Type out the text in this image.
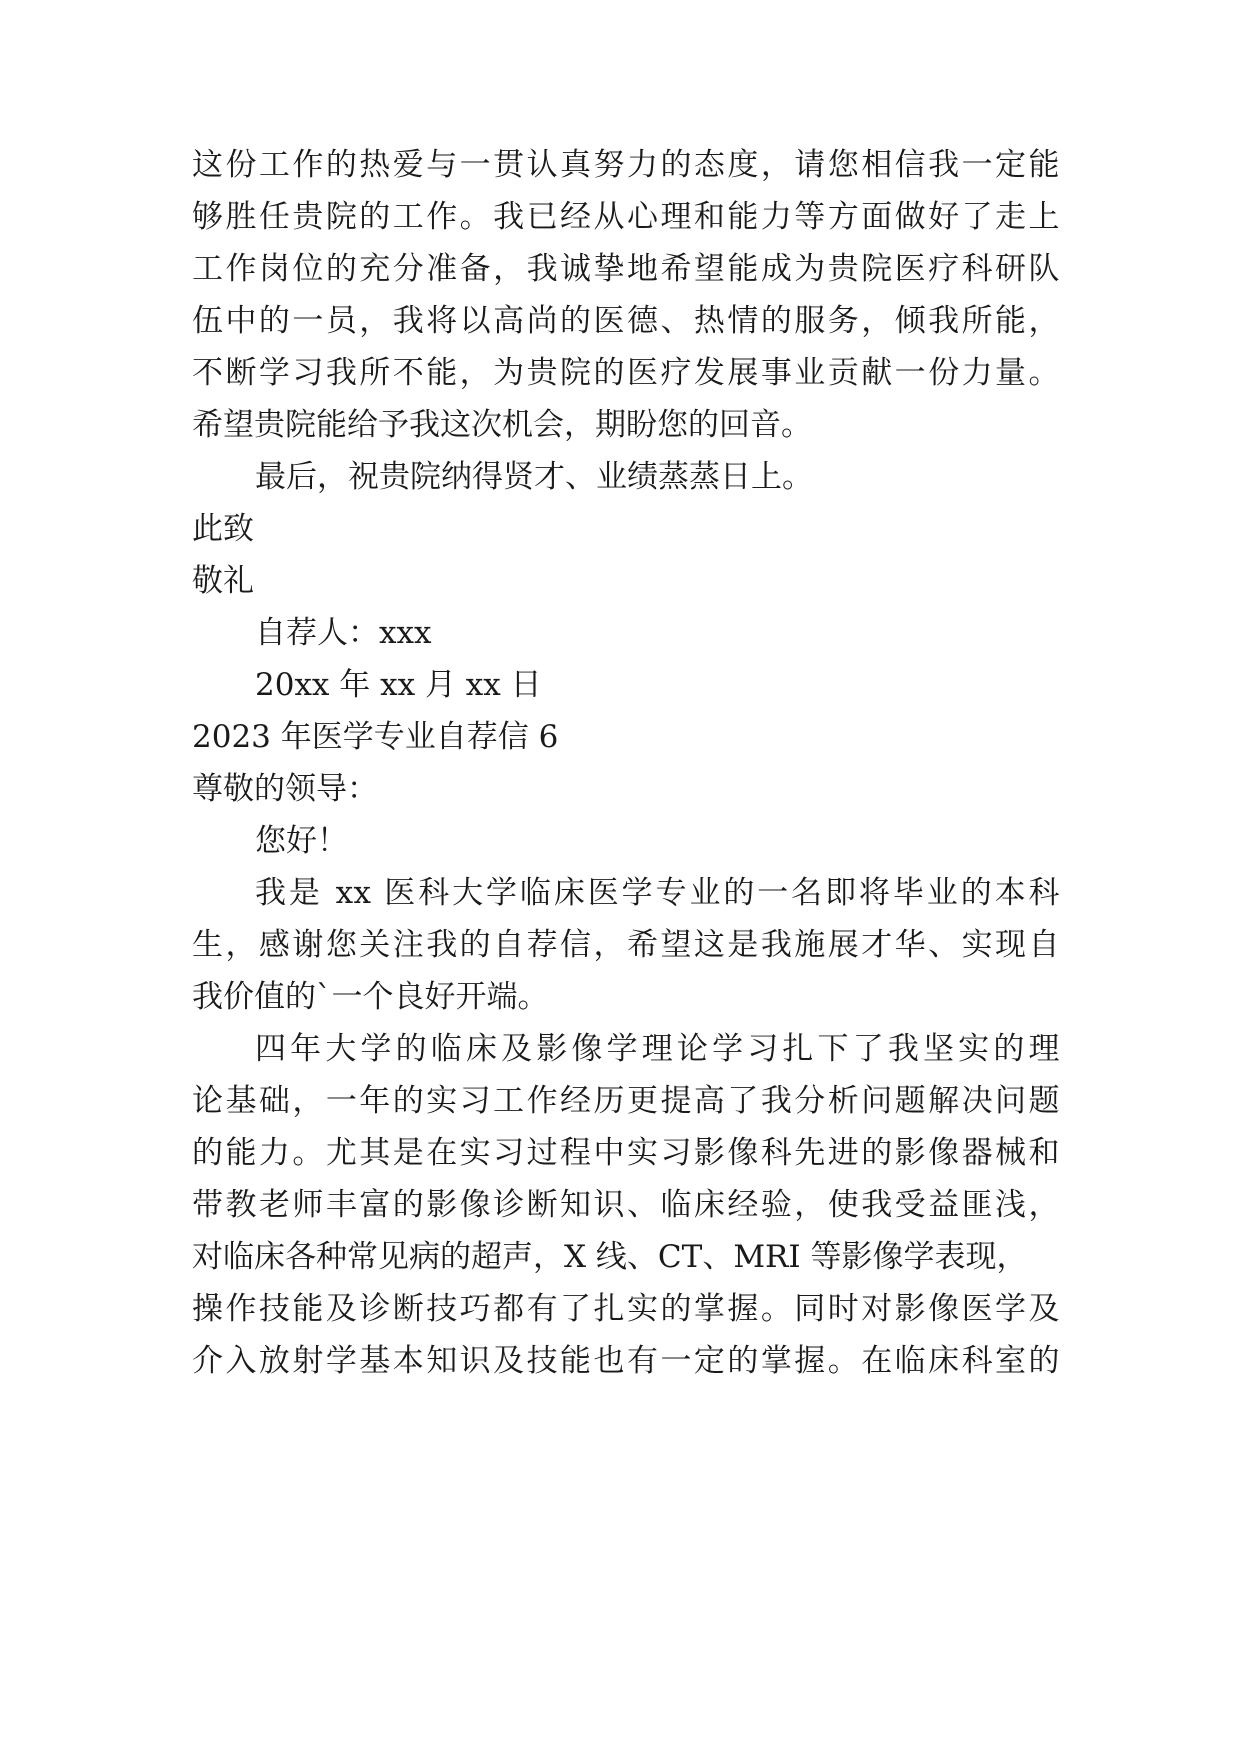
这份工作的热爱与一贯认真努力的态度，请您相信我一定能
够胜任贵院的工作。我已经从心理和能力等方面做好了走上
工作岗位的充分准备，我诚挚地希望能成为贵院医疗科研队
伍中的一员，我将以高尚的医德、热情的服务，倾我所能，
不断学习我所不能，为贵院的医疗发展事业贡献一份力量。
希望贵院能给予我这次机会，期盼您的回音。
最后，祝贵院纳得贤才、业绩蒸蒸日上。
此致
敬礼
自荐人：xxx
20xx 年 xx 月 xx 日
2023 年医学专业自荐信 6
尊敬的领导：
您好！
我是 xx 医科大学临床医学专业的一名即将毕业的本科
生，感谢您关注我的自荐信，希望这是我施展才华、实现自
我价值的`一个良好开端。
四年大学的临床及影像学理论学习扎下了我坚实的理
论基础，一年的实习工作经历更提高了我分析问题解决问题
的能力。尤其是在实习过程中实习影像科先进的影像器械和
带教老师丰富的影像诊断知识、临床经验，使我受益匪浅，
对临床各种常见病的超声，X 线、CT、MRI 等影像学表现，
操作技能及诊断技巧都有了扎实的掌握。同时对影像医学及
介入放射学基本知识及技能也有一定的掌握。在临床科室的
